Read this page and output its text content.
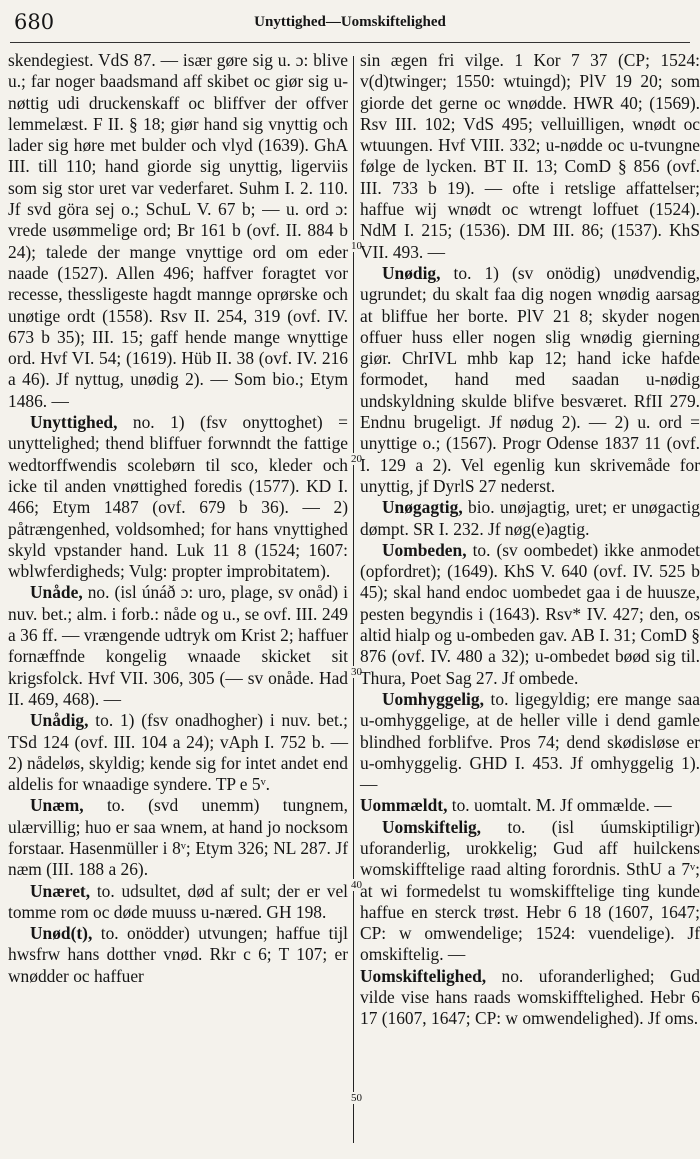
680	Unyttighed—Uomskiftelighed

skendegiest. VdS 87. — især gøre sig u. ɔ: blive u.; far noger baadsmand aff skibet oc giør sig u-nøttig udi druckenskaff oc bliffver der offver lemmelæst. F II. § 18; giør hand sig vnyttig och lader sig høre met bulder och vlyd (1639). GhA III. till 110; hand giorde sig unyttig, ligerviis som sig stor uret var vederfaret. Suhm I. 2. 110. Jf svd göra sej o.; SchuL V. 67 b; — u. ord ɔ: vrede usømmelige ord; Br 161 b (ovf. II. 884 b 24); talede der mange vnyttige ord om eder naade (1527). Allen 496; haffver foragtet vor recesse, thessligeste hagdt mannge oprørske och unøtige ordt (1558). Rsv II. 254, 319 (ovf. IV. 673 b 35); III. 15; gaff hende mange wnyttige ord. Hvf VI. 54; (1619). Hüb II. 38 (ovf. IV. 216 a 46). Jf nyttug, unødig 2). — Som bio.; Etym 1486. —

Unyttighed, no. 1) (fsv onyttoghet) = unyttelighed; thend bliffuer forwnndt the fattige wedtorffwendis scolebørn til sco, kleder och icke til anden vnøttighed foredis (1577). KD I. 466; Etym 1487 (ovf. 679 b 36). — 2) påtrængenhed, voldsomhed; for hans vnyttighed skyld vpstander hand. Luk 11 8 (1524; 1607: wblwferdigheds; Vulg: propter improbitatem).

Unåde, no. (isl únáð ɔ: uro, plage, sv onåd) i nuv. bet.; alm. i forb.: nåde og u., se ovf. III. 249 a 36 ff. — vrængende udtryk om Krist 2; haffuer fornæffnde kongelig wnaade skicket sit krigsfolck. Hvf VII. 306, 305 (— sv onåde. Had II. 469, 468). —

Unådig, to. 1) (fsv onadhogher) i nuv. bet.; TSd 124 (ovf. III. 104 a 24); vAph I. 752 b. — 2) nådeløs, skyldig; kende sig for intet andet end aldelis for wnaadige syndere. TP e 5ᵛ.

Unæm, to. (svd unemm) tungnem, ulærvillig; huo er saa wnem, at hand jo nocksom forstaar. Hasenmüller i 8ᵛ; Etym 326; NL 287. Jf næm (III. 188 a 26).

Unæret, to. udsultet, død af sult; der er vel tomme rom oc døde muuss u-næred. GH 198.

Unød(t), to. onödder) utvungen; haffue tijl hwsfrw hans dotther vnød. Rkr c 6; T 107; er wnødder oc haffuer

10
20
30
40
50

sin ægen fri vilge. 1 Kor 7 37 (CP; 1524: v(d)twinger; 1550: wtuingd); PlV 19 20; som giorde det gerne oc wnødde. HWR 40; (1569). Rsv III. 102; VdS 495; velluilligen, wnødt oc wtuungen. Hvf VIII. 332; u-nødde oc u-tvungne følge de lycken. BT II. 13; ComD § 856 (ovf. III. 733 b 19). — ofte i retslige affattelser; haffue wij wnødt oc wtrengt loffuet (1524). NdM I. 215; (1536). DM III. 86; (1537). KhS VII. 493. —

Unødig, to. 1) (sv onödig) unødvendig, ugrundet; du skalt faa dig nogen wnødig aarsag at bliffue her borte. PlV 21 8; skyder nogen offuer huss eller nogen slig wnødig gierning giør. ChrIVL mhb kap 12; hand icke hafde formodet, hand med saadan u-nødig undskyldning skulde blifve besværet. RfII 279. Endnu brugeligt. Jf nødug 2). — 2) u. ord = unyttige o.; (1567). Progr Odense 1837 11 (ovf. I. 129 a 2). Vel egenlig kun skrivemåde for unyttig, jf DyrlS 27 nederst.

Unøgagtig, bio. unøjagtig, uret; er unøgactig dømpt. SR I. 232. Jf nøg(e)agtig.

Uombeden, to. (sv oombedet) ikke anmodet (opfordret); (1649). KhS V. 640 (ovf. IV. 525 b 45); skal hand endoc uombedet gaa i de huusze, pesten begyndis i (1643). Rsv* IV. 427; den, os altid hialp og u-ombeden gav. AB I. 31; ComD § 876 (ovf. IV. 480 a 32); u-ombedet bøød sig til. Thura, Poet Sag 27. Jf ombede.

Uomhyggelig, to. ligegyldig; ere mange saa u-omhyggelige, at de heller ville i dend gamle blindhed forblifve. Pros 74; dend skødisløse er u-omhyggelig. GHD I. 453. Jf omhyggelig 1). —

Uommældt, to. uomtalt. M. Jf ommælde. —

Uomskiftelig, to. (isl úumskiptiligr) uforanderlig, urokkelig; Gud aff huilckens womskifftelige raad alting forordnis. SthU a 7ᵛ; at wi formedelst tu womskifftelige ting kunde haffue en sterck trøst. Hebr 6 18 (1607, 1647; CP: w omwendelige; 1524: vuendelige). Jf omskiftelig. —

Uomskiftelighed, no. uforanderlighed; Gud vilde vise hans raads womskifftelighed. Hebr 6 17 (1607, 1647; CP: w omwendelighed). Jf oms.
